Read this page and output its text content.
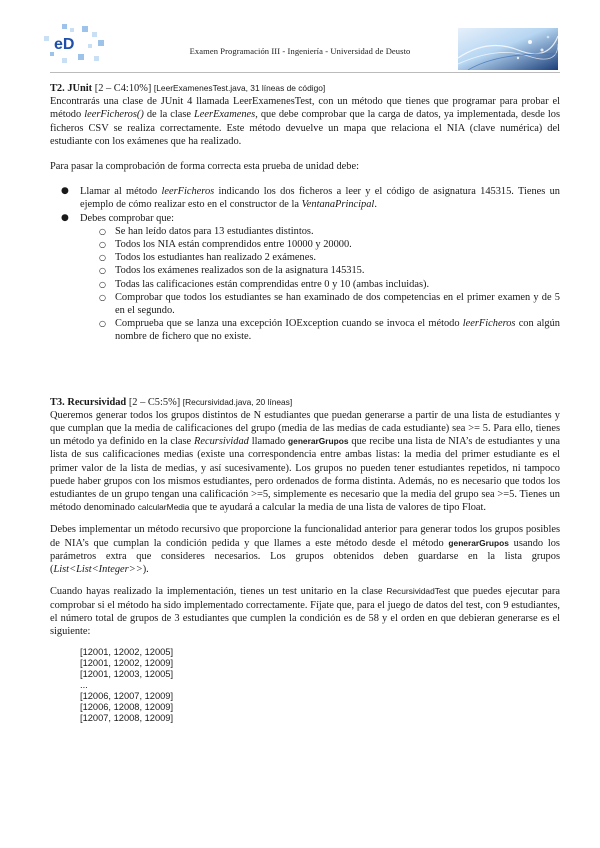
eD	Examen Programación III - Ingeniería - Universidad de Deusto

T2. JUnit [2 – C4:10%] [LeerExamenesTest.java, 31 líneas de código]

Encontrarás una clase de JUnit 4 llamada LeerExamenesTest, con un método que tienes que programar para probar el método leerFicheros() de la clase LeerExamenes, que debe comprobar que la carga de datos, ya implementada, desde los ficheros CSV se realiza correctamente. Este método devuelve un mapa que relaciona el NIA (clave numérica) del estudiante con los exámenes que ha realizado.

Para pasar la comprobación de forma correcta esta prueba de unidad debe:

● Llamar al método leerFicheros indicando los dos ficheros a leer y el código de asignatura 145315. Tienes un ejemplo de cómo realizar esto en el constructor de la VentanaPrincipal.
● Debes comprobar que:
○ Se han leído datos para 13 estudiantes distintos.
○ Todos los NIA están comprendidos entre 10000 y 20000.
○ Todos los estudiantes han realizado 2 exámenes.
○ Todos los exámenes realizados son de la asignatura 145315.
○ Todas las calificaciones están comprendidas entre 0 y 10 (ambas incluidas).
○ Comprobar que todos los estudiantes se han examinado de dos competencias en el primer examen y de 5 en el segundo.
○ Comprueba que se lanza una excepción IOException cuando se invoca el método leerFicheros con algún nombre de fichero que no existe.

T3. Recursividad [2 – C5:5%] [Recursividad.java, 20 líneas]

Queremos generar todos los grupos distintos de N estudiantes que puedan generarse a partir de una lista de estudiantes y que cumplan que la media de calificaciones del grupo (media de las medias de cada estudiante) sea >= 5. Para ello, tienes un método ya definido en la clase Recursividad llamado generarGrupos que recibe una lista de NIA’s de estudiantes y una lista de sus calificaciones medias (existe una correspondencia entre ambas listas: la media del primer estudiante es el primer valor de la lista de medias, y así sucesivamente). Los grupos no pueden tener estudiantes repetidos, ni tampoco puede haber grupos con los mismos estudiantes, pero ordenados de forma distinta. Además, no es necesario que todos los estudiantes de un grupo tengan una calificación >=5, simplemente es necesario que la media del grupo sea >=5. Tienes un método denominado calcularMedia que te ayudará a calcular la media de una lista de valores de tipo Float.

Debes implementar un método recursivo que proporcione la funcionalidad anterior para generar todos los grupos posibles de NIA’s que cumplan la condición pedida y que llames a este método desde el método generarGrupos usando los parámetros extra que consideres necesarios. Los grupos obtenidos deben guardarse en la lista grupos (List<List<Integer>>).

Cuando hayas realizado la implementación, tienes un test unitario en la clase RecursividadTest que puedes ejecutar para comprobar si el método ha sido implementado correctamente. Fíjate que, para el juego de datos del test, con 9 estudiantes, el número total de grupos de 3 estudiantes que cumplen la condición es de 58 y el orden en que debieran generarse es el siguiente:

[12001, 12002, 12005]
[12001, 12002, 12009]
[12001, 12003, 12005]
...
[12006, 12007, 12009]
[12006, 12008, 12009]
[12007, 12008, 12009]
